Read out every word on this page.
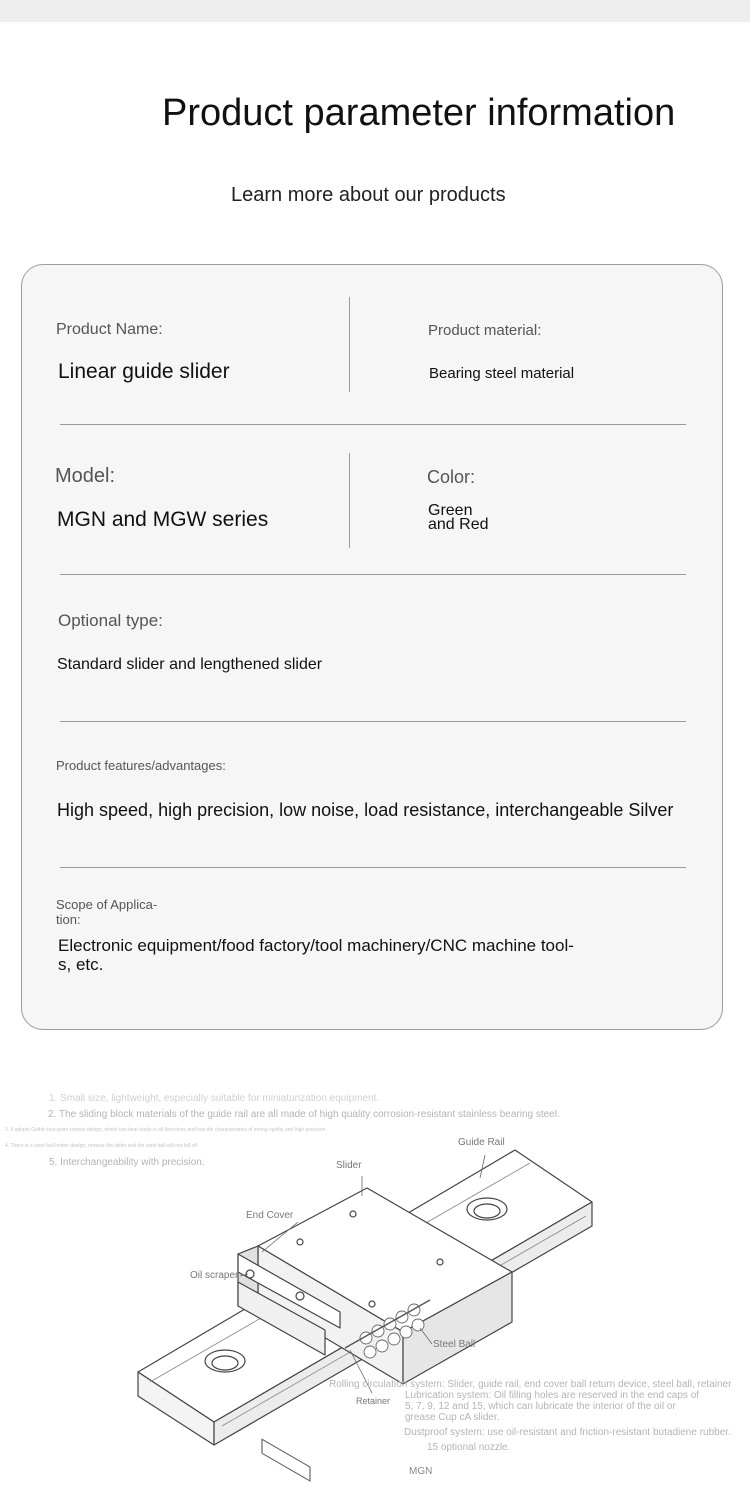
Product parameter information
Learn more about our products
Product Name:
Linear guide slider
Product material:
Bearing steel material
Model:
MGN and MGW series
Color:
Green
and Red
Optional type:
Standard slider and lengthened slider
Product features/advantages:
High speed, high precision, low noise, load resistance, interchangeable Silver
Scope of Applica-
tion:
Electronic equipment/food factory/tool machinery/CNC machine tool-
s, etc.
1. Small size, lightweight, especially suitable for miniaturization equipment.
2. The sliding block materials of the guide rail are all made of high quality corrosion-resistant stainless bearing steel.
3. It adopts Gothic four-point contact design, which can bear loads in all directions and has the characteristics of strong rigidity and high precision.
4. There is a steel ball holder design, remove the slider and the steel ball will not fall off.
5. Interchangeability with precision.
Guide Rail
Slider
End Cover
Oil scraper
Steel Ball
Retainer
Rolling circulation system: Slider, guide rail, end cover ball return device, steel ball, retainer
Lubrication system: Oil filling holes are reserved in the end caps of
5, 7, 9, 12 and 15, which can lubricate the interior of the oil or
grease Cup cA slider.
Dustproof system: use oil-resistant and friction-resistant butadiene rubber.
15 optional nozzle.
MGN
